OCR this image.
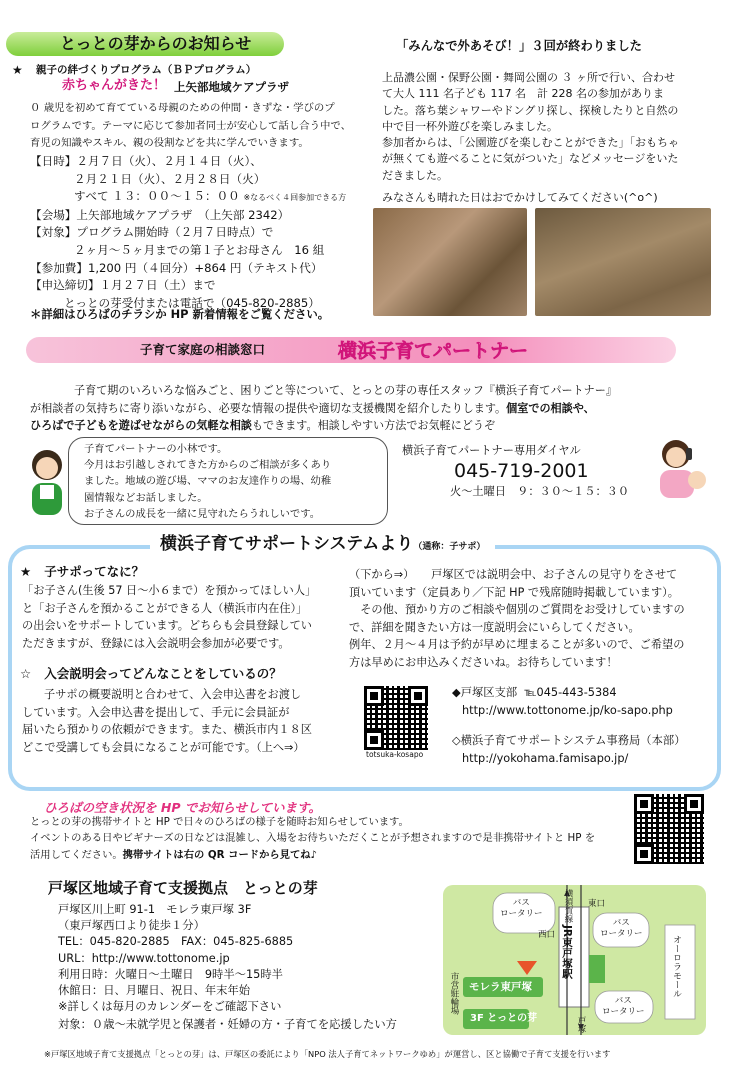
とっとの芽からのお知らせ
★ 親子の絆づくりプログラム（ＢＰプログラム）
赤ちゃんがきた！ 上矢部地域ケアプラザ
０ 歳児を初めて育てている母親のための仲間・きずな・学びのプ
ログラムです。テーマに応じて参加者同士が安心して話し合う中で、
育児の知識やスキル、親の役割などを共に学んでいきます。
【日時】２月７日（火）、２月１４日（火）、
２月２１日（火）、２月２８日（火）
すべて １３：００～１５：００ ※なるべく４回参加できる方
【会場】上矢部地域ケアプラザ　（上矢部 2342）
【対象】プログラム開始時（２月７日時点）で
２ヶ月～５ヶ月までの第１子とお母さん　16 組
【参加費】1,200 円（４回分）+864 円（テキスト代）
【申込締切】１月２７日（土）まで
とっとの芽受付または電話で（045-820-2885）
＊詳細はひろばのチラシか HP 新着情報をご覧ください。
「みんなで外あそび！」３回が終わりました
上品濃公園・保野公園・舞岡公園の ３ ヶ所で行い、合わせ
て大人 111 名子ども 117 名　計 228 名の参加がありま
した。落ち葉シャワーやドングリ探し、探検したりと自然の
中で目一杯外遊びを楽しみました。
参加者からは、「公園遊びを楽しむことができた」「おもちゃ
が無くても遊べることに気がついた」などメッセージをいた
だきました。
みなさんも晴れた日はおでかけしてみてください(^o^)
子育て家庭の相談窓口	横浜子育てパートナー
子育て期のいろいろな悩みごと、困りごと等について、とっとの芽の専任スタッフ『横浜子育てパートナー』
が相談者の気持ちに寄り添いながら、必要な情報の提供や適切な支援機関を紹介したりします。個室での相談や、
ひろばで子どもを遊ばせながらの気軽な相談もできます。相談しやすい方法でお気軽にどうぞ
子育てパートナーの小林です。
今月はお引越しされてきた方からのご相談が多くあり
ました。地域の遊び場、ママのお友達作りの場、幼稚
園情報などお話しました。
お子さんの成長を一緒に見守れたらうれしいです。
横浜子育てパートナー専用ダイヤル
045-719-2001
火～土曜日　９：３０～１５：３０
横浜子育てサポートシステムより（通称：子サポ）
★ 子サポってなに？
「お子さん(生後 57 日～小６まで）を預かってほしい人」
と「お子さんを預かることができる人（横浜市内在住）」
の出会いをサポートしています。どちらも会員登録してい
ただきますが、登録には入会説明会参加が必要です。
☆ 入会説明会ってどんなことをしているの？
子サポの概要説明と合わせて、入会申込書をお渡し
しています。入会申込書を提出して、手元に会員証が
届いたら預かりの依頼ができます。また、横浜市内１８区
どこで受講しても会員になることが可能です。（上へ⇒）
（下から⇒）　　戸塚区では説明会中、お子さんの見守りをさせて
頂いています（定員あり／下記 HP で残席随時掲載しています）。
　その他、預かり方のご相談や個別のご質問をお受けしていますの
で、詳細を聞きたい方は一度説明会にいらしてください。
例年、２月～４月は予約が早めに埋まることが多いので、ご希望の
方は早めにお申込みくださいね。お待ちしています！
totsuka-kosapo
◆戸塚区支部 ℡045-443-5384
http://www.tottonome.jp/ko-sapo.php
◇横浜子育てサポートシステム事務局（本部）
http://yokohama.famisapo.jp/
ひろばの空き状況を HP でお知らせしています。
とっとの芽の携帯サイトと HP で日々のひろばの様子を随時お知らせしています。
イベントのある日やビギナーズの日などは混雑し、入場をお待ちいただくことが予想されますので是非携帯サイトと HP を
活用してください。携帯サイトは右の QR コードから見てね♪
戸塚区地域子育て支援拠点　とっとの芽
戸塚区川上町 91-1　モレラ東戸塚 3F
（東戸塚西口より徒歩１分）
TEL：045-820-2885　FAX：045-825-6885
URL：http://www.tottonome.jp
利用日時：火曜日～土曜日　9時半～15時半
休館日：日、月曜日、祝日、年末年始
※詳しくは毎月のカレンダーをご確認下さい
対象：０歳～未就学児と保護者・妊婦の方・子育てを応援したい方
横須賀線 東口
西口
バス
ロータリー
バス
ロータリー
バス
ロータリー
JR東戸塚駅	オーロラモール
市営駐輪場 モレラ東戸塚
3F とっとの芽	戸塚
※戸塚区地域子育て支援拠点「とっとの芽」は、戸塚区の委託により「NPO 法人子育てネットワークゆめ」が運営し、区と協働で子育て支援を行います
